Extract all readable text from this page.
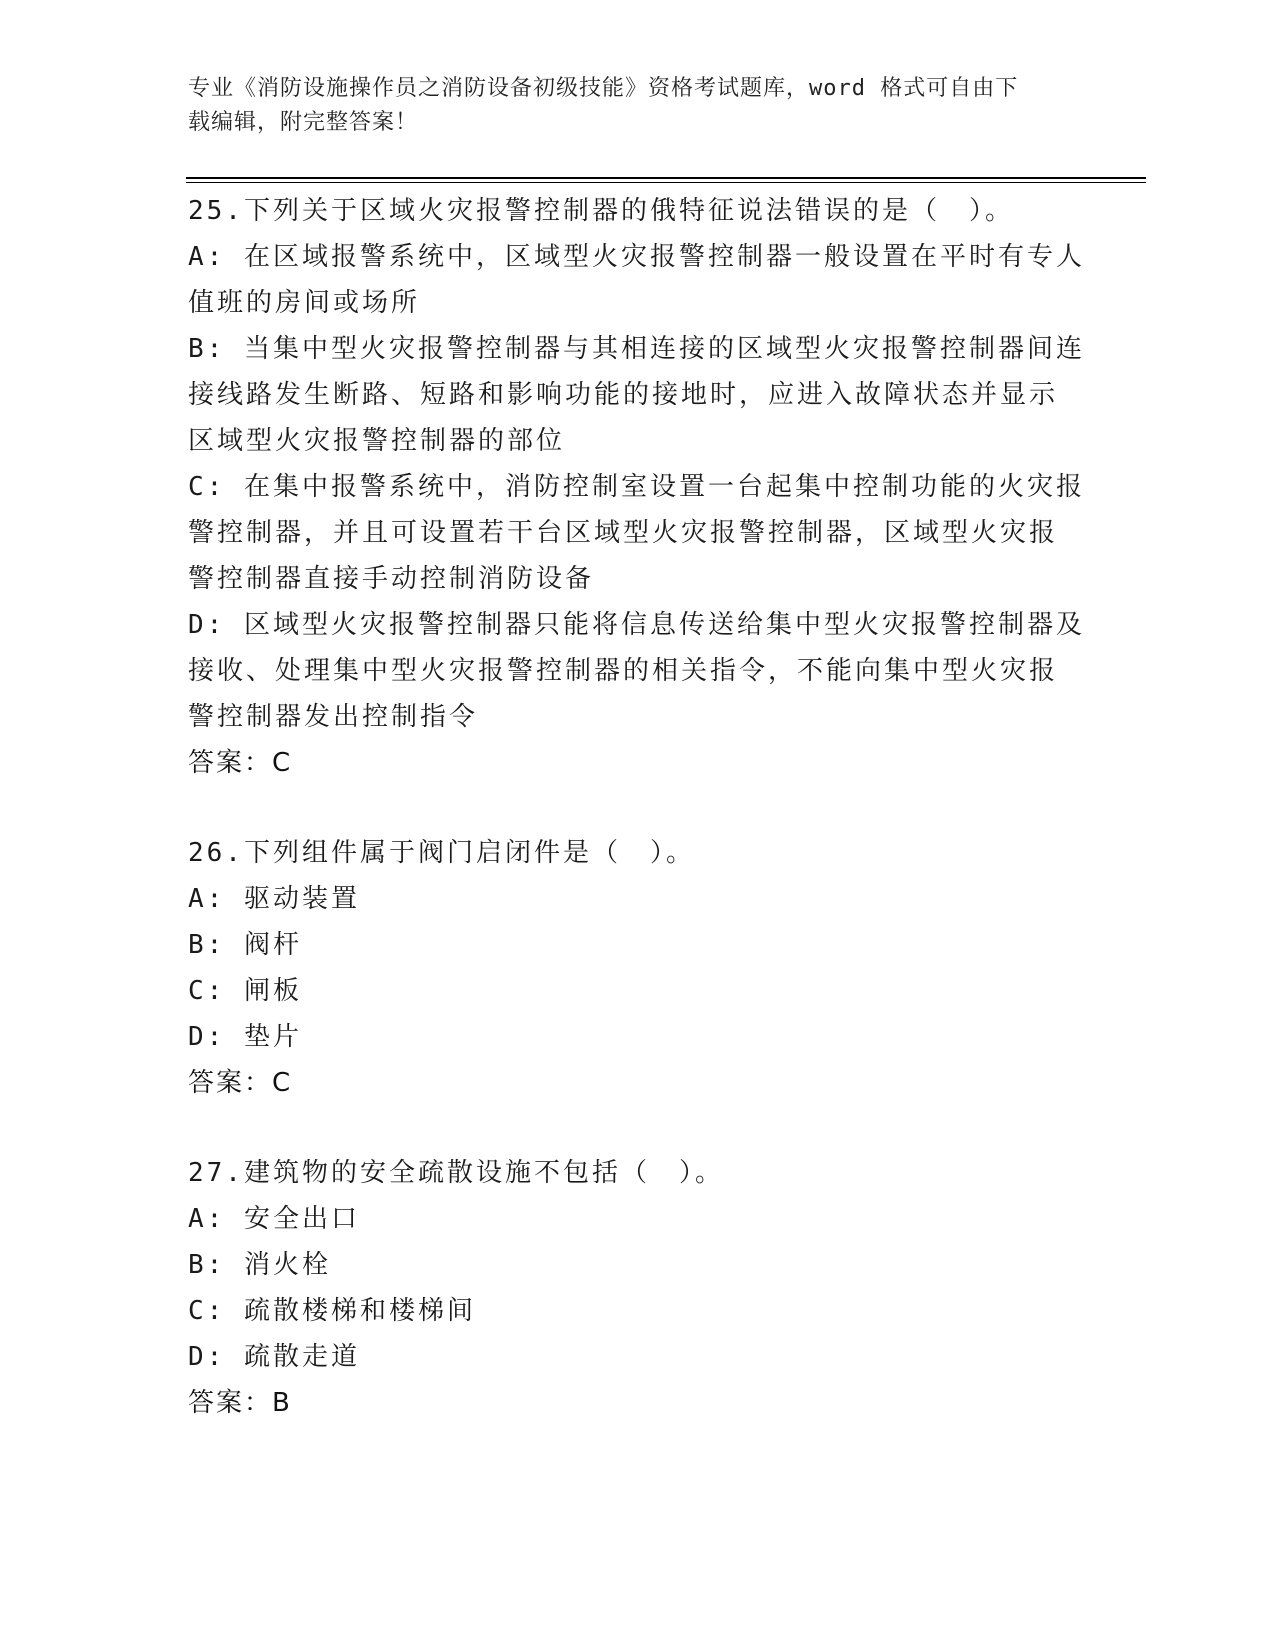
专业《消防设施操作员之消防设备初级技能》资格考试题库，word 格式可自由下
载编辑，附完整答案！
25.下列关于区域火灾报警控制器的俄特征说法错误的是（　）。
A: 在区域报警系统中，区域型火灾报警控制器一般设置在平时有专人
值班的房间或场所
B: 当集中型火灾报警控制器与其相连接的区域型火灾报警控制器间连
接线路发生断路、短路和影响功能的接地时，应进入故障状态并显示
区域型火灾报警控制器的部位
C: 在集中报警系统中，消防控制室设置一台起集中控制功能的火灾报
警控制器，并且可设置若干台区域型火灾报警控制器，区域型火灾报
警控制器直接手动控制消防设备
D: 区域型火灾报警控制器只能将信息传送给集中型火灾报警控制器及
接收、处理集中型火灾报警控制器的相关指令，不能向集中型火灾报
警控制器发出控制指令
答案：C
26.下列组件属于阀门启闭件是（　）。
A: 驱动装置
B: 阀杆
C: 闸板
D: 垫片
答案：C
27.建筑物的安全疏散设施不包括（　）。
A: 安全出口
B: 消火栓
C: 疏散楼梯和楼梯间
D: 疏散走道
答案：B
